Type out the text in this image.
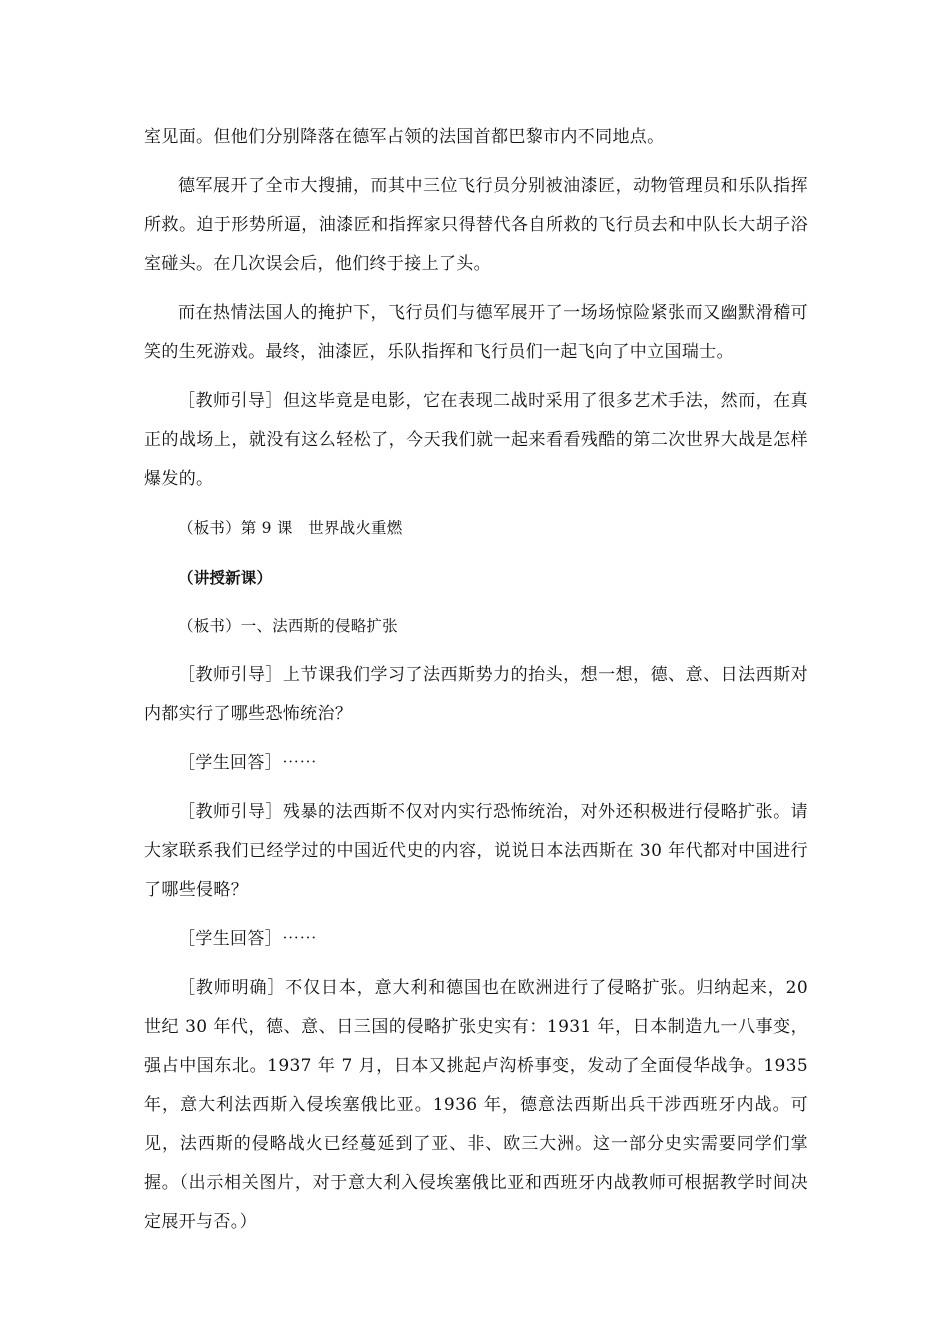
室见面。但他们分别降落在德军占领的法国首都巴黎市内不同地点。

德军展开了全市大搜捕，而其中三位飞行员分别被油漆匠，动物管理员和乐队指挥所救。迫于形势所逼，油漆匠和指挥家只得替代各自所救的飞行员去和中队长大胡子浴室碰头。在几次误会后，他们终于接上了头。

而在热情法国人的掩护下，飞行员们与德军展开了一场场惊险紧张而又幽默滑稽可笑的生死游戏。最终，油漆匠，乐队指挥和飞行员们一起飞向了中立国瑞士。

［教师引导］但这毕竟是电影，它在表现二战时采用了很多艺术手法，然而，在真正的战场上，就没有这么轻松了，今天我们就一起来看看残酷的第二次世界大战是怎样爆发的。

（板书）第 9 课　世界战火重燃

（讲授新课）

（板书）一、法西斯的侵略扩张

［教师引导］上节课我们学习了法西斯势力的抬头，想一想，德、意、日法西斯对内都实行了哪些恐怖统治？

［学生回答］⋯⋯

［教师引导］残暴的法西斯不仅对内实行恐怖统治，对外还积极进行侵略扩张。请大家联系我们已经学过的中国近代史的内容，说说日本法西斯在 30 年代都对中国进行了哪些侵略？

［学生回答］⋯⋯

［教师明确］不仅日本，意大利和德国也在欧洲进行了侵略扩张。归纳起来，20 世纪 30 年代，德、意、日三国的侵略扩张史实有：1931 年，日本制造九一八事变，强占中国东北。1937 年 7 月，日本又挑起卢沟桥事变，发动了全面侵华战争。1935 年，意大利法西斯入侵埃塞俄比亚。1936 年，德意法西斯出兵干涉西班牙内战。可见，法西斯的侵略战火已经蔓延到了亚、非、欧三大洲。这一部分史实需要同学们掌握。（出示相关图片，对于意大利入侵埃塞俄比亚和西班牙内战教师可根据教学时间决定展开与否。）
